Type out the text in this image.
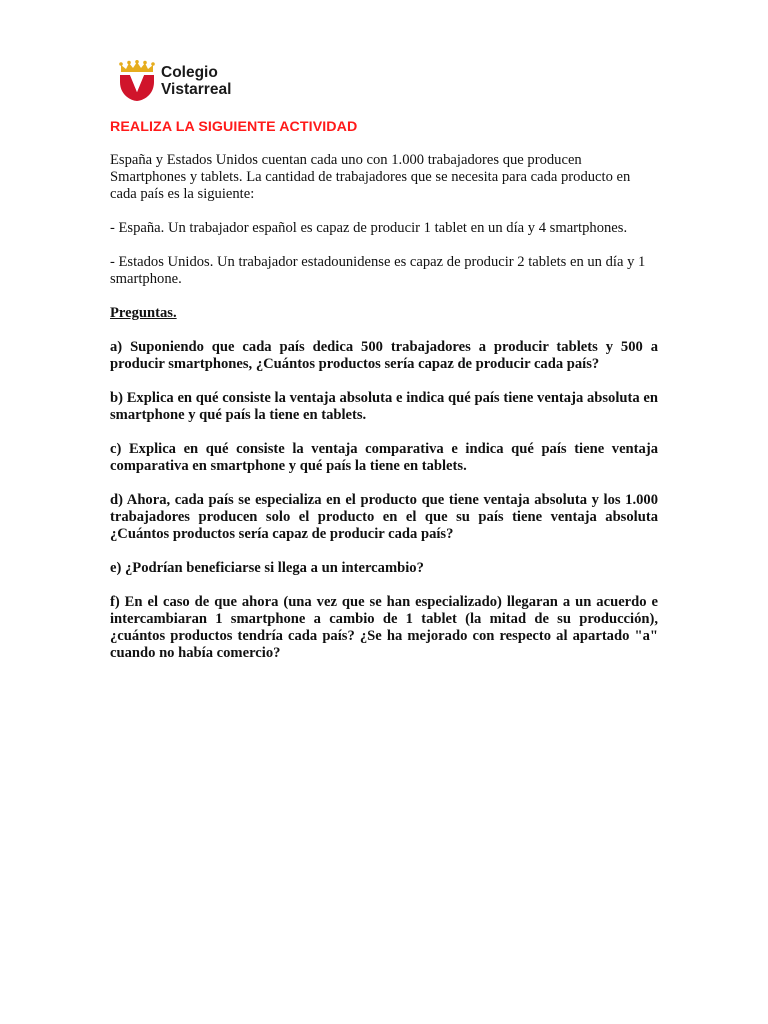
Colegio
Vistarreal
REALIZA LA SIGUIENTE ACTIVIDAD

España y Estados Unidos cuentan cada uno con 1.000 trabajadores que producen Smartphones y tablets. La cantidad de trabajadores que se necesita para cada producto en cada país es la siguiente:

- España. Un trabajador español es capaz de producir 1 tablet en un día y 4 smartphones.

- Estados Unidos. Un trabajador estadounidense es capaz de producir 2 tablets en un día y 1 smartphone.

Preguntas.

a) Suponiendo que cada país dedica 500 trabajadores a producir tablets y 500 a producir smartphones, ¿Cuántos productos sería capaz de producir cada país?

b) Explica en qué consiste la ventaja absoluta e indica qué país tiene ventaja absoluta en smartphone y qué país la tiene en tablets.

c) Explica en qué consiste la ventaja comparativa e indica qué país tiene ventaja comparativa en smartphone y qué país la tiene en tablets.

d) Ahora, cada país se especializa en el producto que tiene ventaja absoluta y los 1.000 trabajadores producen solo el producto en el que su país tiene ventaja absoluta ¿Cuántos productos sería capaz de producir cada país?

e) ¿Podrían beneficiarse si llega a un intercambio?

f) En el caso de que ahora (una vez que se han especializado) llegaran a un acuerdo e intercambiaran 1 smartphone a cambio de 1 tablet (la mitad de su producción), ¿cuántos productos tendría cada país? ¿Se ha mejorado con respecto al apartado "a" cuando no había comercio?
